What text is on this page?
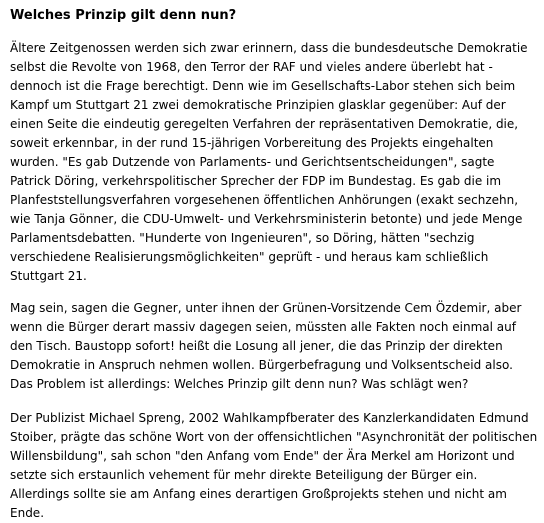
Welches Prinzip gilt denn nun?

Ältere Zeitgenossen werden sich zwar erinnern, dass die bundesdeutsche Demokratie
selbst die Revolte von 1968, den Terror der RAF und vieles andere überlebt hat -
dennoch ist die Frage berechtigt. Denn wie im Gesellschafts-Labor stehen sich beim
Kampf um Stuttgart 21 zwei demokratische Prinzipien glasklar gegenüber: Auf der
einen Seite die eindeutig geregelten Verfahren der repräsentativen Demokratie, die,
soweit erkennbar, in der rund 15-jährigen Vorbereitung des Projekts eingehalten
wurden. "Es gab Dutzende von Parlaments- und Gerichtsentscheidungen", sagte
Patrick Döring, verkehrspolitischer Sprecher der FDP im Bundestag. Es gab die im
Planfeststellungsverfahren vorgesehenen öffentlichen Anhörungen (exakt sechzehn,
wie Tanja Gönner, die CDU-Umwelt- und Verkehrsministerin betonte) und jede Menge
Parlamentsdebatten. "Hunderte von Ingenieuren", so Döring, hätten "sechzig
verschiedene Realisierungsmöglichkeiten" geprüft - und heraus kam schließlich
Stuttgart 21.

Mag sein, sagen die Gegner, unter ihnen der Grünen-Vorsitzende Cem Özdemir, aber
wenn die Bürger derart massiv dagegen seien, müssten alle Fakten noch einmal auf
den Tisch. Baustopp sofort! heißt die Losung all jener, die das Prinzip der direkten
Demokratie in Anspruch nehmen wollen. Bürgerbefragung und Volksentscheid also.
Das Problem ist allerdings: Welches Prinzip gilt denn nun? Was schlägt wen?

Der Publizist Michael Spreng, 2002 Wahlkampfberater des Kanzlerkandidaten Edmund
Stoiber, prägte das schöne Wort von der offensichtlichen "Asynchronität der politischen
Willensbildung", sah schon "den Anfang vom Ende" der Ära Merkel am Horizont und
setzte sich erstaunlich vehement für mehr direkte Beteiligung der Bürger ein.
Allerdings sollte sie am Anfang eines derartigen Großprojekts stehen und nicht am
Ende.
